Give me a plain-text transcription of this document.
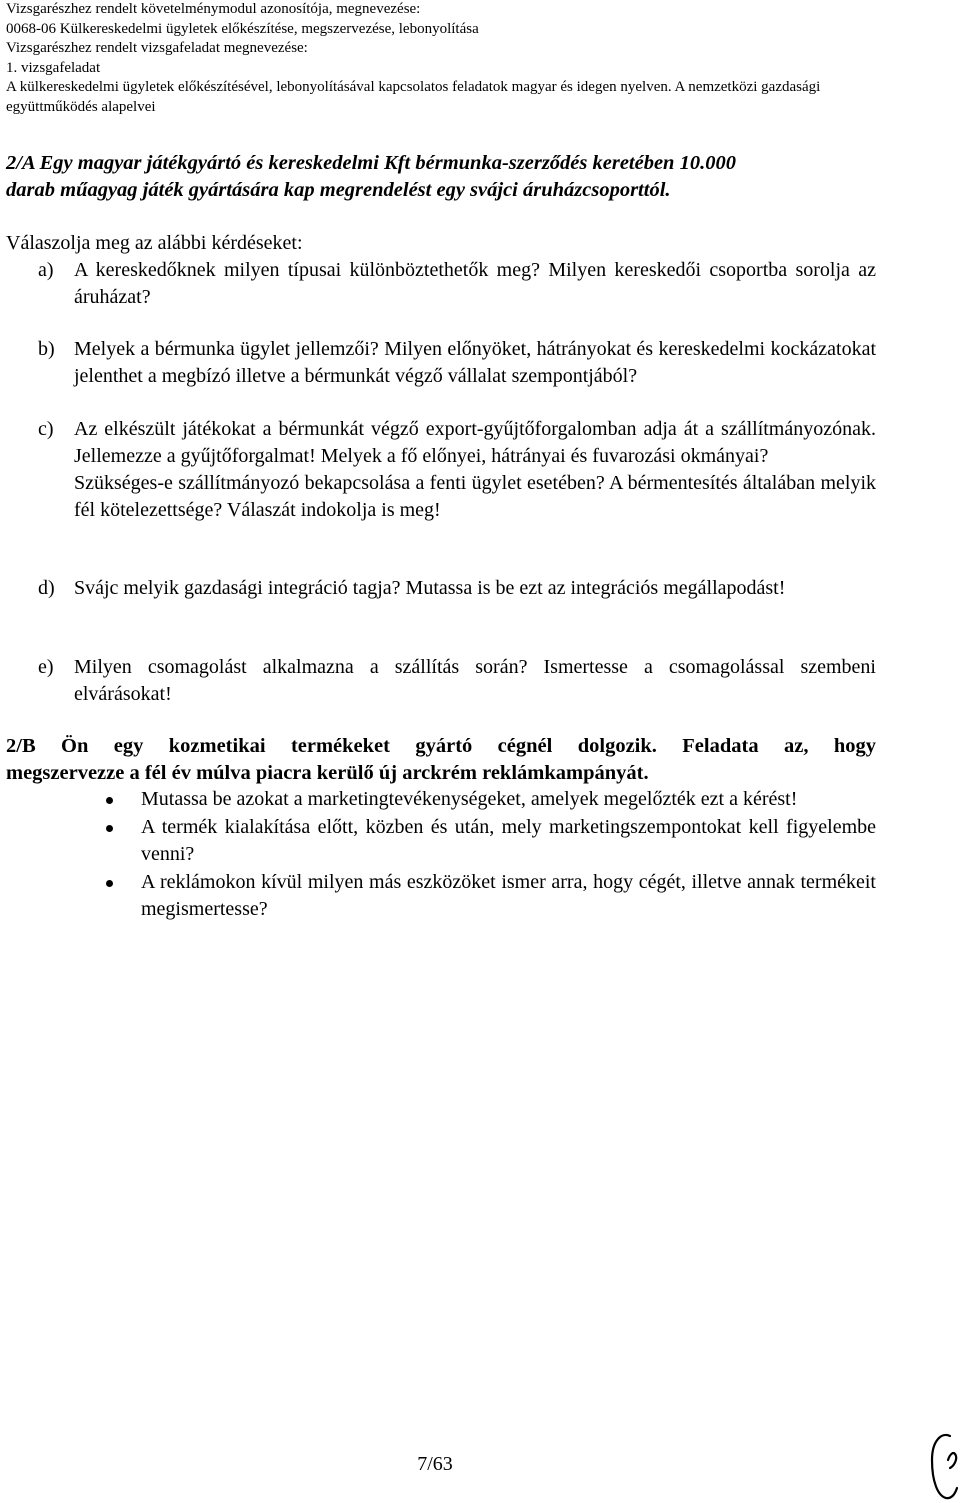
Vizsgarészhez rendelt követelménymodul azonosítója, megnevezése:
0068-06 Külkereskedelmi ügyletek előkészítése, megszervezése, lebonyolítása
Vizsgarészhez rendelt vizsgafeladat megnevezése:
1. vizsgafeladat
A külkereskedelmi ügyletek előkészítésével, lebonyolításával kapcsolatos feladatok magyar és idegen nyelven. A nemzetközi gazdasági
együttműködés alapelvei
2/A Egy magyar játékgyártó és kereskedelmi Kft bérmunka-szerződés keretében 10.000
darab műagyag játék gyártására kap megrendelést egy svájci áruházcsoporttól.
Válaszolja meg az alábbi kérdéseket:
a) A kereskedőknek milyen típusai különböztethetők meg? Milyen kereskedői csoportba sorolja az áruházat?

b) Melyek a bérmunka ügylet jellemzői? Milyen előnyöket, hátrányokat és kereskedelmi kockázatokat jelenthet a megbízó illetve a bérmunkát végző vállalat szempontjából?

c) Az elkészült játékokat a bérmunkát végző export-gyűjtőforgalomban adja át a szállítmányozónak. Jellemezze a gyűjtőforgalmat! Melyek a fő előnyei, hátrányai és fuvarozási okmányai?

Szükséges-e szállítmányozó bekapcsolása a fenti ügylet esetében? A bérmentesítés általában melyik fél kötelezettsége? Válaszát indokolja is meg!

d) Svájc melyik gazdasági integráció tagja? Mutassa is be ezt az integrációs megállapodást!

e) Milyen csomagolást alkalmazna a szállítás során? Ismertesse a csomagolással szembeni elvárásokat!

2/B Ön egy kozmetikai termékeket gyártó cégnél dolgozik. Feladata az, hogy
megszervezze a fél év múlva piacra kerülő új arckrém reklámkampányát.
Mutassa be azokat a marketingtevékenységeket, amelyek megelőzték ezt a kérést!
A termék kialakítása előtt, közben és után, mely marketingszempontokat kell figyelembe venni?
A reklámokon kívül milyen más eszközöket ismer arra, hogy cégét, illetve annak termékeit megismertesse?
7/63
